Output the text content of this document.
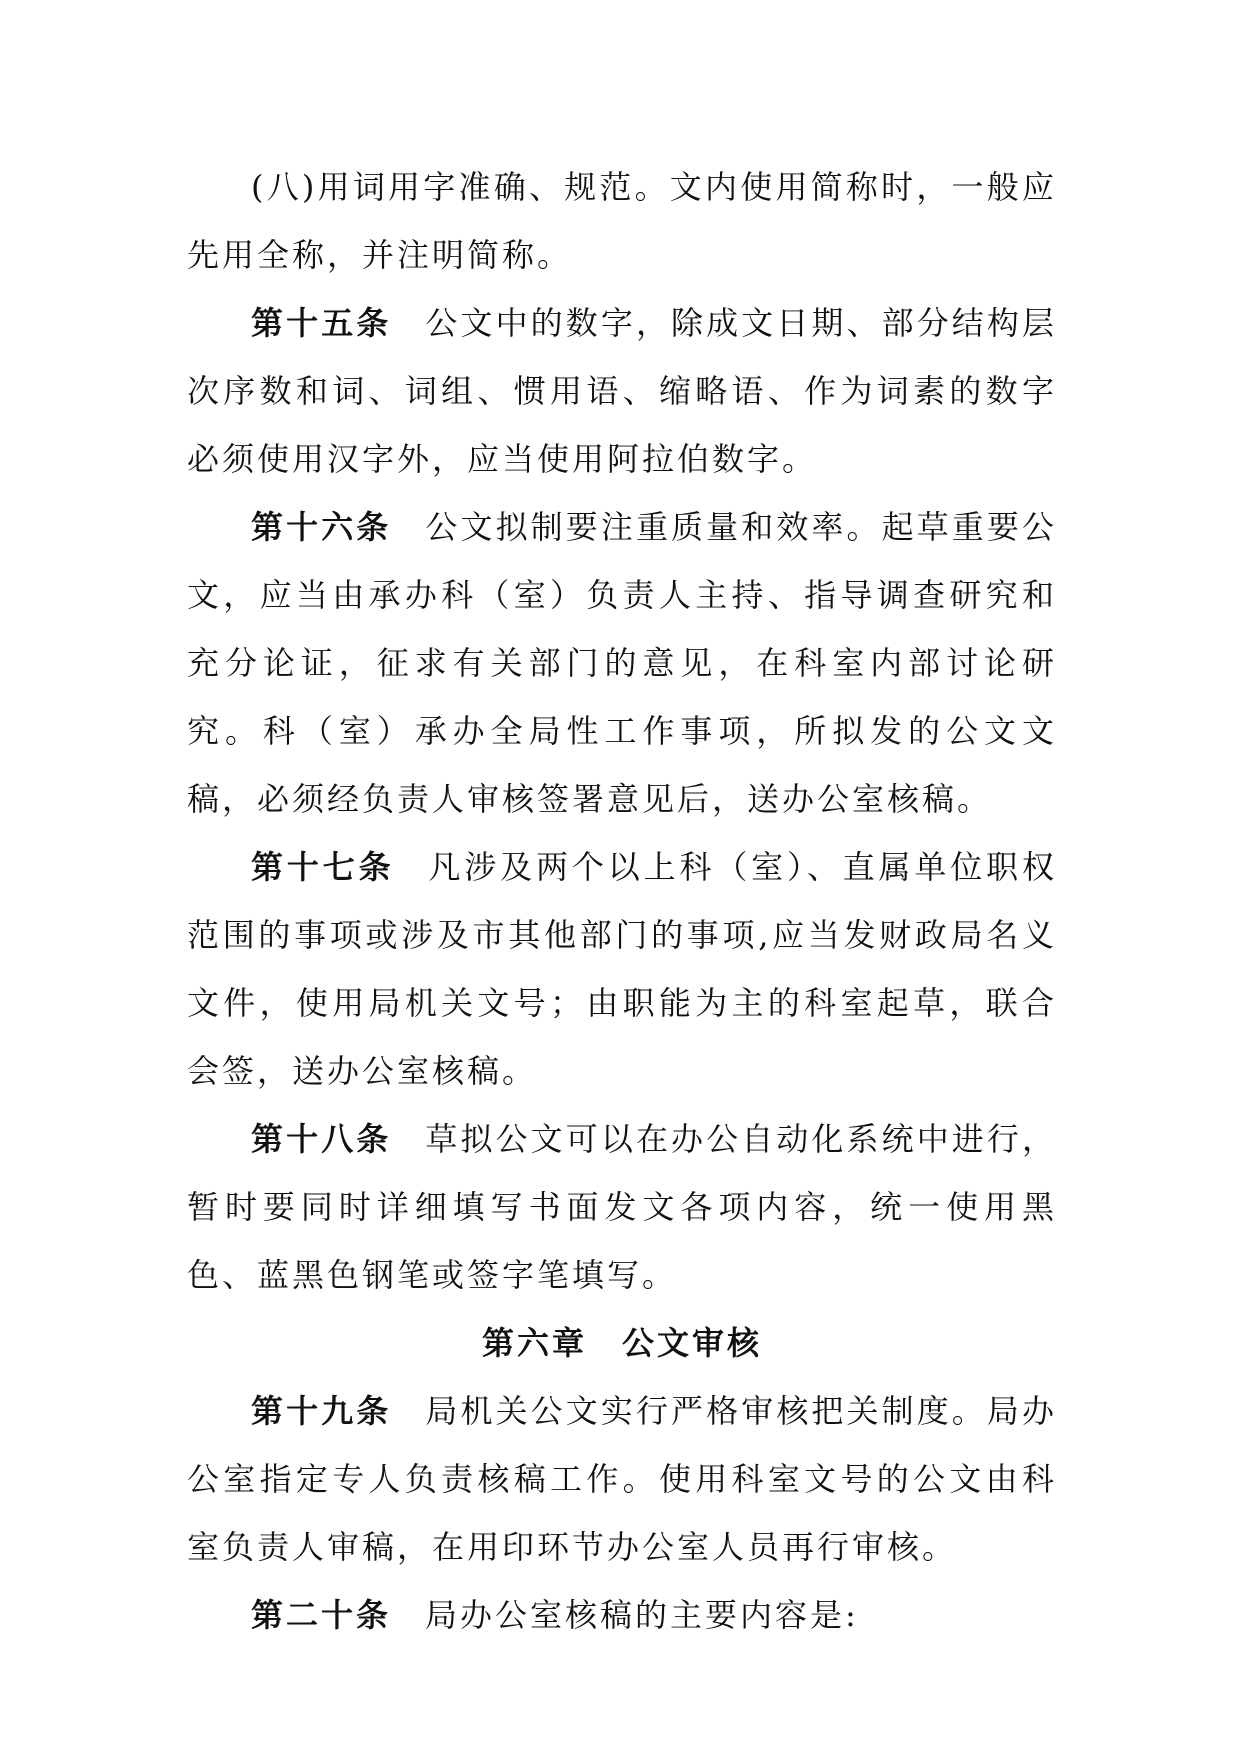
(八)用词用字准确、规范。文内使用简称时，一般应先用全称，并注明简称。

第十五条 公文中的数字，除成文日期、部分结构层次序数和词、词组、惯用语、缩略语、作为词素的数字必须使用汉字外，应当使用阿拉伯数字。

第十六条 公文拟制要注重质量和效率。起草重要公文，应当由承办科（室）负责人主持、指导调查研究和充分论证，征求有关部门的意见，在科室内部讨论研究。科（室）承办全局性工作事项，所拟发的公文文稿，必须经负责人审核签署意见后，送办公室核稿。

第十七条 凡涉及两个以上科（室）、直属单位职权范围的事项或涉及市其他部门的事项,应当发财政局名义文件，使用局机关文号；由职能为主的科室起草，联合会签，送办公室核稿。

第十八条 草拟公文可以在办公自动化系统中进行，暂时要同时详细填写书面发文各项内容，统一使用黑色、蓝黑色钢笔或签字笔填写。

第六章　公文审核

第十九条 局机关公文实行严格审核把关制度。局办公室指定专人负责核稿工作。使用科室文号的公文由科室负责人审稿，在用印环节办公室人员再行审核。

第二十条 局办公室核稿的主要内容是:
